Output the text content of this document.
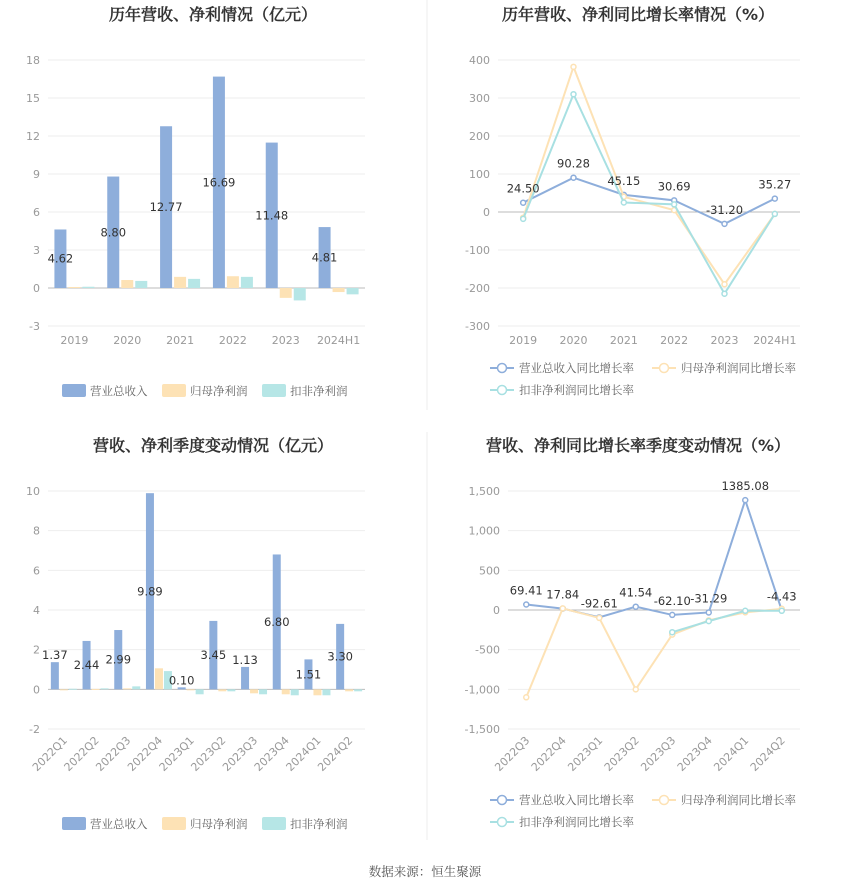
数据来源：恒生聚源
历年营收、净利情况（亿元）
-3
0
3
6
9
12
15
18
2019 2020 2021 2022 2023 2024H1
4.62
8.80
12.77
16.69
11.48
4.81
营业总收入	归母净利润	扣非净利润
历年营收、净利同比增长率情况（%）
-300
-200
-100
0
100
200
300
400
2019 2020 2021 2022 2023 2024H1
24.50
90.28
45.15 30.69
-31.20
35.27
营业总收入同比增长率	归母净利润同比增长率
扣非净利润同比增长率
营收、净利季度变动情况（亿元）
-2
0
2
4
6
8
10
2022Q1
2022Q2
2022Q3
2022Q4
2023Q1
2023Q2
2023Q3
2023Q4
2024Q1
2024Q2
1.37
2.44 2.99
9.89
0.10
3.45 1.13
6.80
1.51
3.30
营业总收入	归母净利润	扣非净利润
营收、净利同比增长率季度变动情况（%）
-1,500
-1,000
-500
0
500
1,000
1,500
2022Q3
2022Q4
2023Q1
2023Q2
2023Q3
2023Q4
2024Q1
2024Q2
69.41 17.84
-92.61
41.54
-62.10 -31.29
1385.08
-4.43
营业总收入同比增长率	归母净利润同比增长率
扣非净利润同比增长率
